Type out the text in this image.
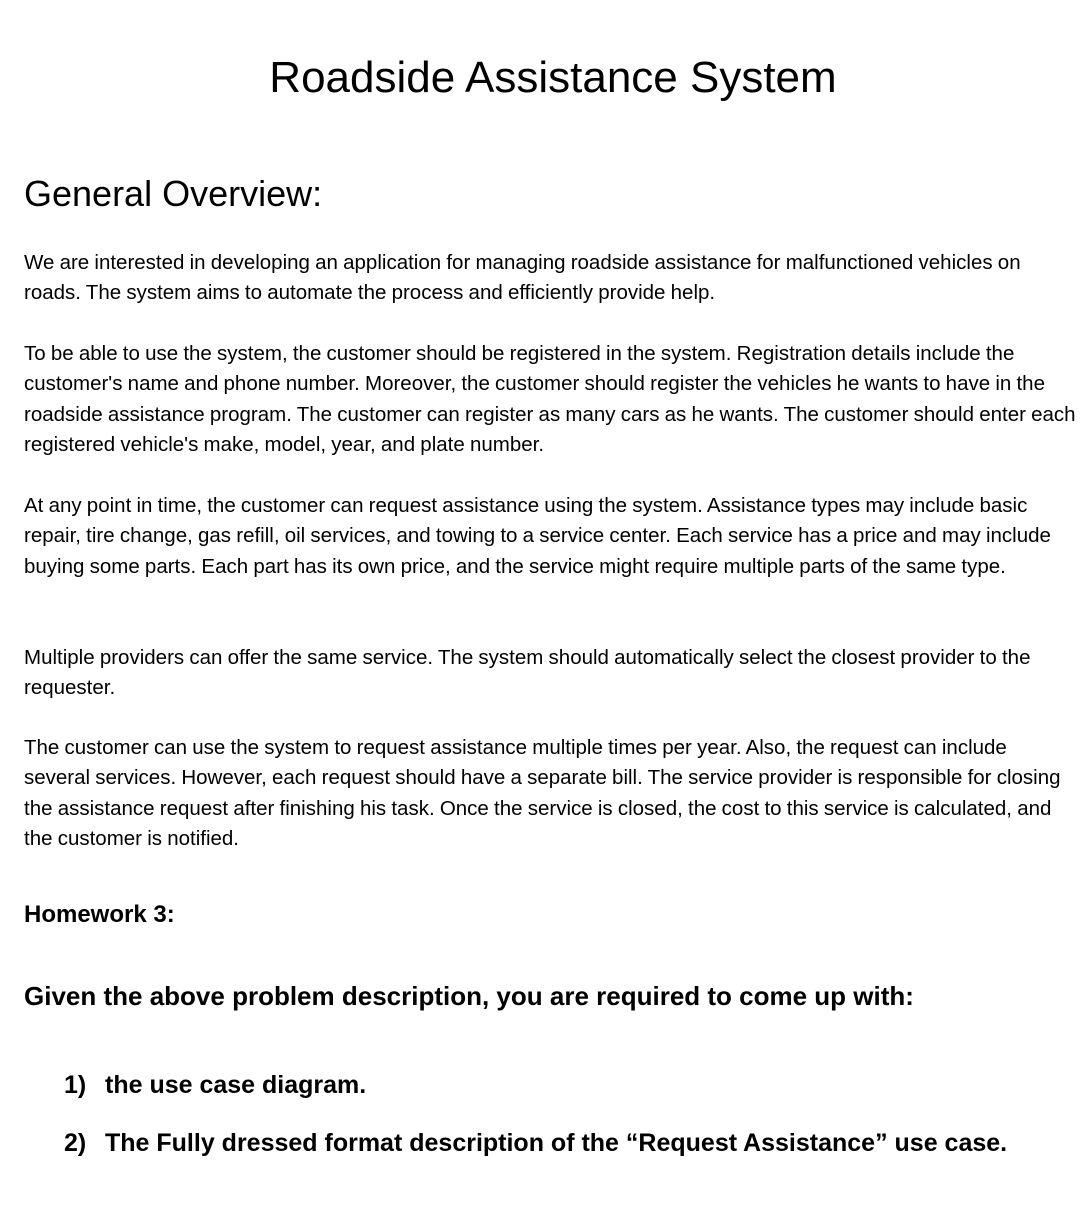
Roadside Assistance System
General Overview:

We are interested in developing an application for managing roadside assistance for malfunctioned vehicles on roads. The system aims to automate the process and efficiently provide help.

To be able to use the system, the customer should be registered in the system. Registration details include the customer's name and phone number. Moreover, the customer should register the vehicles he wants to have in the roadside assistance program. The customer can register as many cars as he wants. The customer should enter each registered vehicle's make, model, year, and plate number.

At any point in time, the customer can request assistance using the system. Assistance types may include basic repair, tire change, gas refill, oil services, and towing to a service center. Each service has a price and may include buying some parts. Each part has its own price, and the service might require multiple parts of the same type.

Multiple providers can offer the same service. The system should automatically select the closest provider to the requester.

The customer can use the system to request assistance multiple times per year. Also, the request can include several services. However, each request should have a separate bill. The service provider is responsible for closing the assistance request after finishing his task. Once the service is closed, the cost to this service is calculated, and the customer is notified.

Homework 3:

Given the above problem description, you are required to come up with:

1) the use case diagram.
2) The Fully dressed format description of the “Request Assistance” use case.
